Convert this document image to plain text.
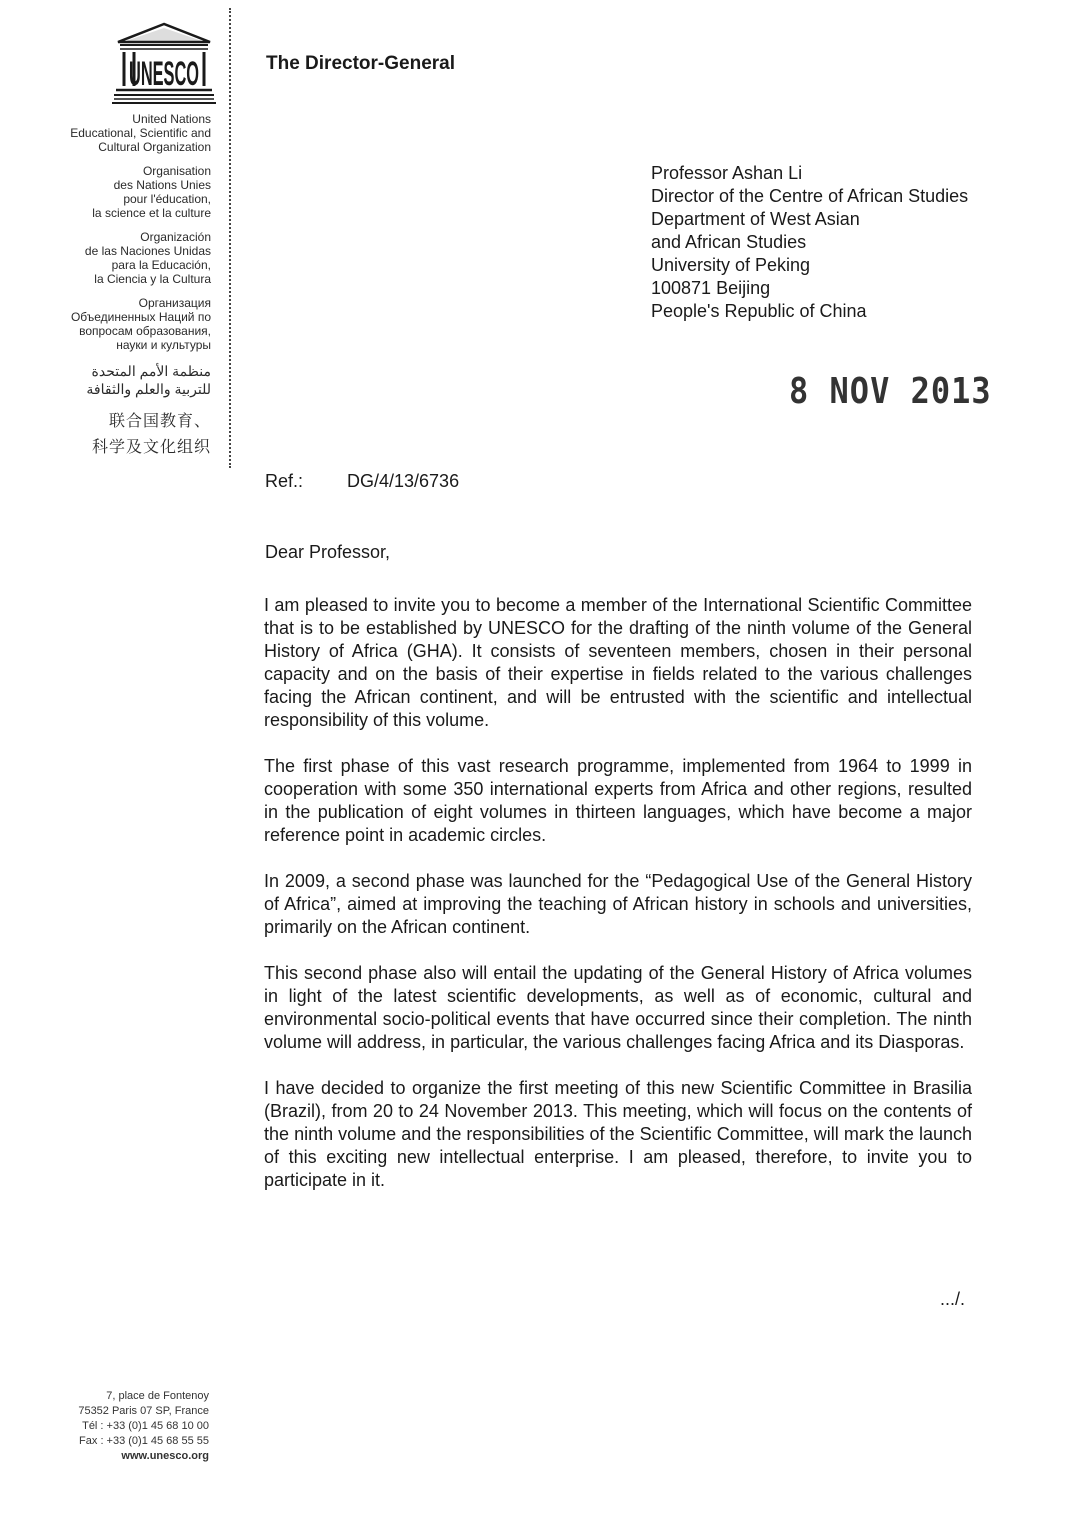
UNESCO
United Nations
Educational, Scientific and
Cultural Organization
Organisation
des Nations Unies
pour l'éducation,
la science et la culture
Organización
de las Naciones Unidas
para la Educación,
la Ciencia y la Cultura
Организация
Объединенных Наций по
вопросам образования,
науки и культуры
منظمة الأمم المتحدة
للتربية والعلم والثقافة
联合国教育、
科学及文化组织
7, place de Fontenoy
75352 Paris 07 SP, France
Tél : +33 (0)1 45 68 10 00
Fax : +33 (0)1 45 68 55 55
www.unesco.org
The Director-General
Professor Ashan Li
Director of the Centre of African Studies
Department of West Asian
and African Studies
University of Peking
100871 Beijing
People's Republic of China
8 NOV 2013
Ref.: DG/4/13/6736
Dear Professor,

I am pleased to invite you to become a member of the International Scientific Committee that is to be established by UNESCO for the drafting of the ninth volume of the General History of Africa (GHA). It consists of seventeen members, chosen in their personal capacity and on the basis of their expertise in fields related to the various challenges facing the African continent, and will be entrusted with the scientific and intellectual responsibility of this volume.

The first phase of this vast research programme, implemented from 1964 to 1999 in cooperation with some 350 international experts from Africa and other regions, resulted in the publication of eight volumes in thirteen languages, which have become a major reference point in academic circles.

In 2009, a second phase was launched for the “Pedagogical Use of the General History of Africa”, aimed at improving the teaching of African history in schools and universities, primarily on the African continent.

This second phase also will entail the updating of the General History of Africa volumes in light of the latest scientific developments, as well as of economic, cultural and environmental socio-political events that have occurred since their completion. The ninth volume will address, in particular, the various challenges facing Africa and its Diasporas.

I have decided to organize the first meeting of this new Scientific Committee in Brasilia (Brazil), from 20 to 24 November 2013. This meeting, which will focus on the contents of the ninth volume and the responsibilities of the Scientific Committee, will mark the launch of this exciting new intellectual enterprise. I am pleased, therefore, to invite you to participate in it.

.../.
